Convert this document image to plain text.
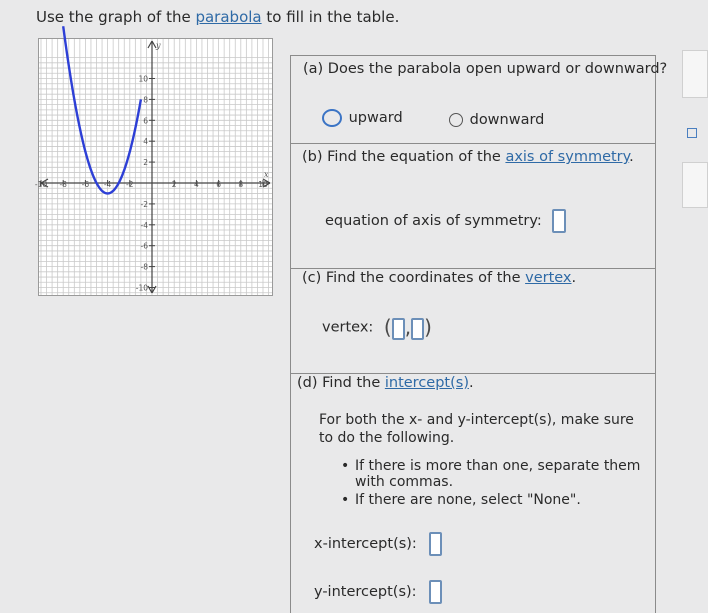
Use the graph of the parabola to fill in the table.
-10 -8 -6 -4 -2	2 4 6 8 10
10
8
6
4
2
-2
-4
-6
-8
-10
x
y
(a) Does the parabola open upward or downward?
upward	downward
(b) Find the equation of the axis of symmetry.
equation of axis of symmetry:
(c) Find the coordinates of the vertex.
vertex: ( , )
(d) Find the intercept(s).
For both the x- and y-intercept(s), make sure
to do the following.
• If there is more than one, separate them
with commas.
• If there are none, select "None".
x-intercept(s):
y-intercept(s):
